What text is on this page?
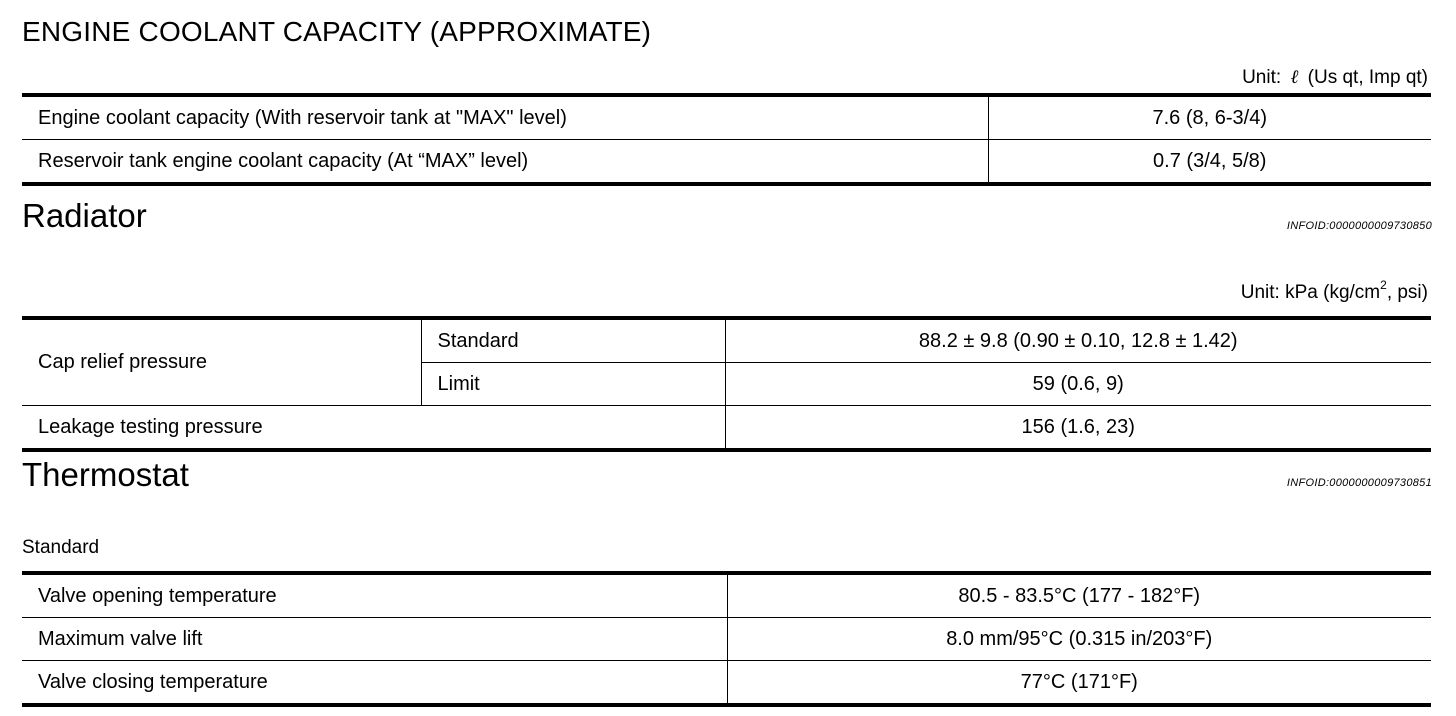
ENGINE COOLANT CAPACITY (APPROXIMATE)
Unit: ℓ (Us qt, Imp qt)
Engine coolant capacity (With reservoir tank at "MAX" level)	7.6 (8, 6-3/4)
Reservoir tank engine coolant capacity (At “MAX” level)	0.7 (3/4, 5/8)
Radiator	INFOID:0000000009730850
Unit: kPa ($kg/cm^2$, psi)
Cap relief pressure	Standard	88.2 ± 9.8 (0.90 ± 0.10, 12.8 ± 1.42)
	Limit	59 (0.6, 9)
Leakage testing pressure		156 (1.6, 23)
Thermostat	INFOID:0000000009730851
Standard
Valve opening temperature	80.5 - 83.5°C (177 - 182°F)
Maximum valve lift	8.0 mm/95°C (0.315 in/203°F)
Valve closing temperature	77°C (171°F)
